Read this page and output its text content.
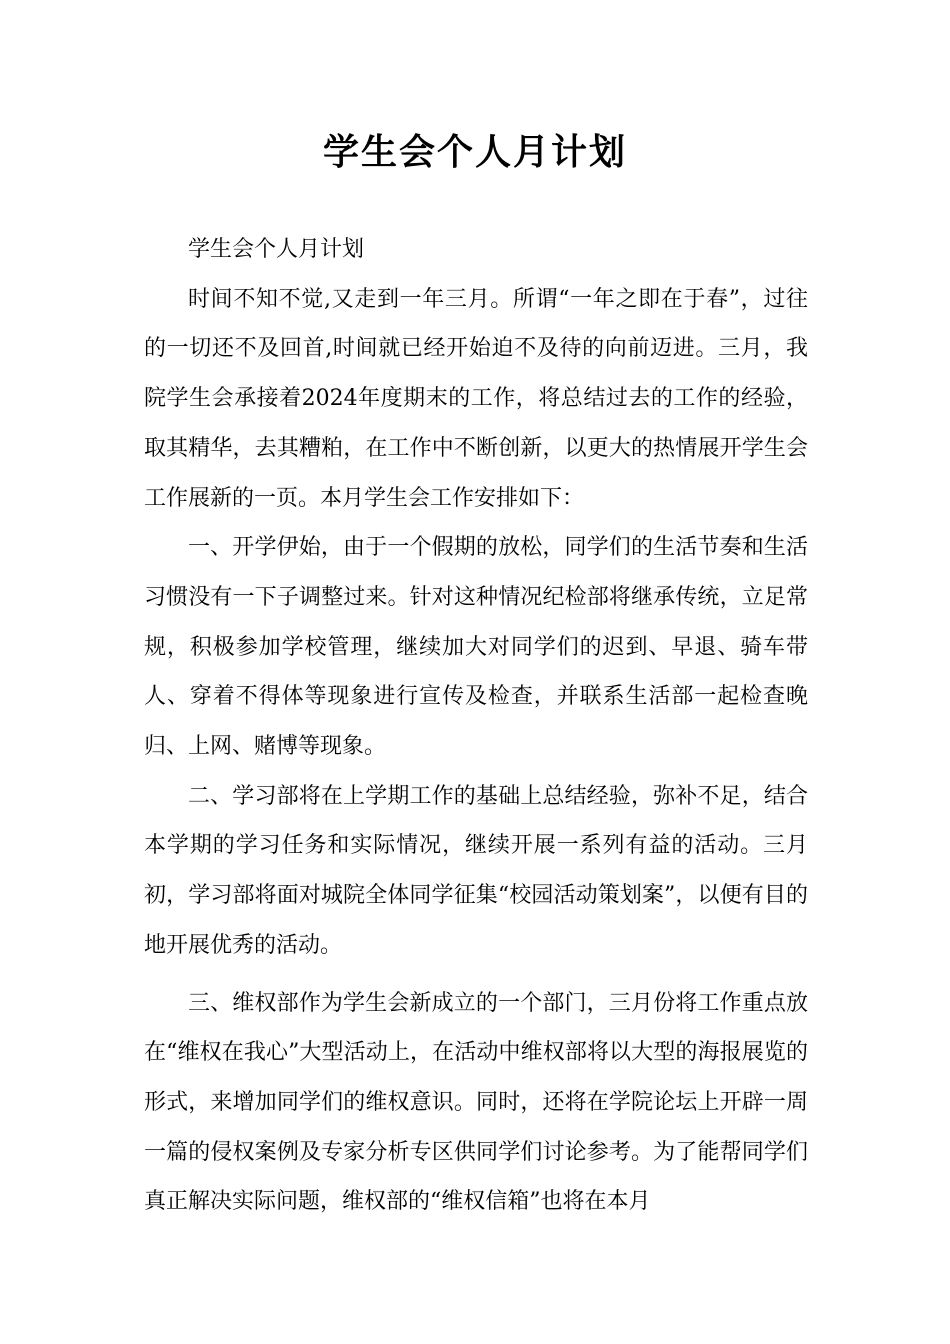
学生会个人月计划

学生会个人月计划

时间不知不觉,又走到一年三月。所谓“一年之即在于春”，过往的一切还不及回首,时间就已经开始迫不及待的向前迈进。三月，我院学生会承接着2024年度期末的工作，将总结过去的工作的经验，取其精华，去其糟粕，在工作中不断创新，以更大的热情展开学生会工作展新的一页。本月学生会工作安排如下：

一、开学伊始，由于一个假期的放松，同学们的生活节奏和生活习惯没有一下子调整过来。针对这种情况纪检部将继承传统，立足常规，积极参加学校管理，继续加大对同学们的迟到、早退、骑车带人、穿着不得体等现象进行宣传及检查，并联系生活部一起检查晚归、上网、赌博等现象。

二、学习部将在上学期工作的基础上总结经验，弥补不足，结合本学期的学习任务和实际情况，继续开展一系列有益的活动。三月初，学习部将面对城院全体同学征集“校园活动策划案”，以便有目的地开展优秀的活动。

三、维权部作为学生会新成立的一个部门，三月份将工作重点放在“维权在我心”大型活动上，在活动中维权部将以大型的海报展览的形式，来增加同学们的维权意识。同时，还将在学院论坛上开辟一周一篇的侵权案例及专家分析专区供同学们讨论参考。为了能帮同学们真正解决实际问题，维权部的“维权信箱”也将在本月
